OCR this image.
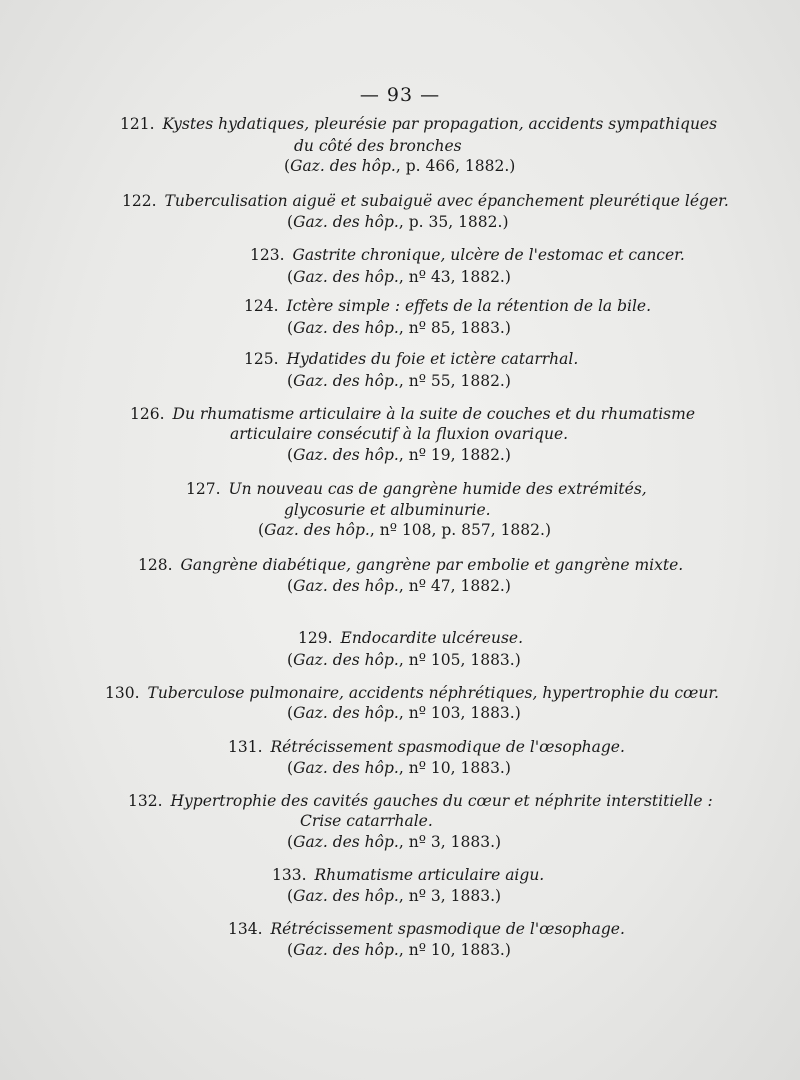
— 93 —
121. Kystes hydatiques, pleurésie par propagation, accidents sympathiques
du côté des bronches
(Gaz. des hôp., p. 466, 1882.)
122. Tuberculisation aiguë et subaiguë avec épanchement pleurétique léger.
(Gaz. des hôp., p. 35, 1882.)
123. Gastrite chronique, ulcère de l'estomac et cancer.
(Gaz. des hôp., nº 43, 1882.)
124. Ictère simple : effets de la rétention de la bile.
(Gaz. des hôp., nº 85, 1883.)
125. Hydatides du foie et ictère catarrhal.
(Gaz. des hôp., nº 55, 1882.)
126. Du rhumatisme articulaire à la suite de couches et du rhumatisme
articulaire consécutif à la fluxion ovarique.
(Gaz. des hôp., nº 19, 1882.)
127. Un nouveau cas de gangrène humide des extrémités,
glycosurie et albuminurie.
(Gaz. des hôp., nº 108, p. 857, 1882.)
128. Gangrène diabétique, gangrène par embolie et gangrène mixte.
(Gaz. des hôp., nº 47, 1882.)
129. Endocardite ulcéreuse.
(Gaz. des hôp., nº 105, 1883.)
130. Tuberculose pulmonaire, accidents néphrétiques, hypertrophie du cœur.
(Gaz. des hôp., nº 103, 1883.)
131. Rétrécissement spasmodique de l'œsophage.
(Gaz. des hôp., nº 10, 1883.)
132. Hypertrophie des cavités gauches du cœur et néphrite interstitielle :
Crise catarrhale.
(Gaz. des hôp., nº 3, 1883.)
133. Rhumatisme articulaire aigu.
(Gaz. des hôp., nº 3, 1883.)
134. Rétrécissement spasmodique de l'œsophage.
(Gaz. des hôp., nº 10, 1883.)
